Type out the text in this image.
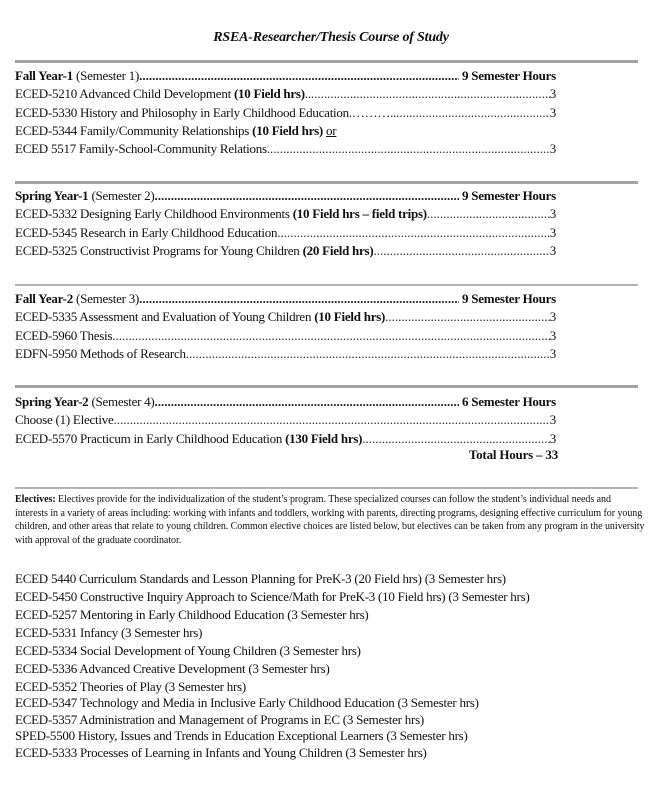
RSEA-Researcher/Thesis Course of Study
Fall Year-1 (Semester 1) .....	9 Semester Hours
ECED-5210 Advanced Child Development (10 Field hrs).. .....	3
ECED-5330 History and Philosophy in Early Childhood Education.……….. .....	3
ECED-5344 Family/Community Relationships (10 Field hrs) or
ECED 5517 Family-School-Community Relations .....	3
Spring Year-1 (Semester 2) .....	9 Semester Hours
ECED-5332 Designing Early Childhood Environments (10 Field hrs – field trips) .....	3
ECED-5345 Research in Early Childhood Education .....	3
ECED-5325 Constructivist Programs for Young Children (20 Field hrs) .....	3
Fall Year-2 (Semester 3) .....	9 Semester Hours
ECED-5335 Assessment and Evaluation of Young Children (10 Field hrs) .....	3
ECED-5960 Thesis .....	3
EDFN-5950 Methods of Research .....	3
Spring Year-2 (Semester 4) .....	6 Semester Hours
Choose (1) Elective .....	3
ECED-5570 Practicum in Early Childhood Education (130 Field hrs) .....	3
Total Hours – 33
Electives: Electives provide for the individualization of the student’s program. These specialized courses can follow the student’s individual needs and interests in a variety of areas including: working with infants and toddlers, working with parents, directing programs, designing effective curriculum for young children, and other areas that relate to young children. Common elective choices are listed below, but electives can be taken from any program in the university with approval of the graduate coordinator.
ECED 5440 Curriculum Standards and Lesson Planning for PreK-3 (20 Field hrs) (3 Semester hrs)
ECED-5450 Constructive Inquiry Approach to Science/Math for PreK-3 (10 Field hrs) (3 Semester hrs)
ECED-5257 Mentoring in Early Childhood Education (3 Semester hrs)
ECED-5331 Infancy (3 Semester hrs)
ECED-5334 Social Development of Young Children (3 Semester hrs)
ECED-5336 Advanced Creative Development (3 Semester hrs)
ECED-5352 Theories of Play (3 Semester hrs)
ECED-5347 Technology and Media in Inclusive Early Childhood Education (3 Semester hrs)
ECED-5357 Administration and Management of Programs in EC (3 Semester hrs)
SPED-5500 History, Issues and Trends in Education Exceptional Learners (3 Semester hrs)
ECED-5333 Processes of Learning in Infants and Young Children (3 Semester hrs)
